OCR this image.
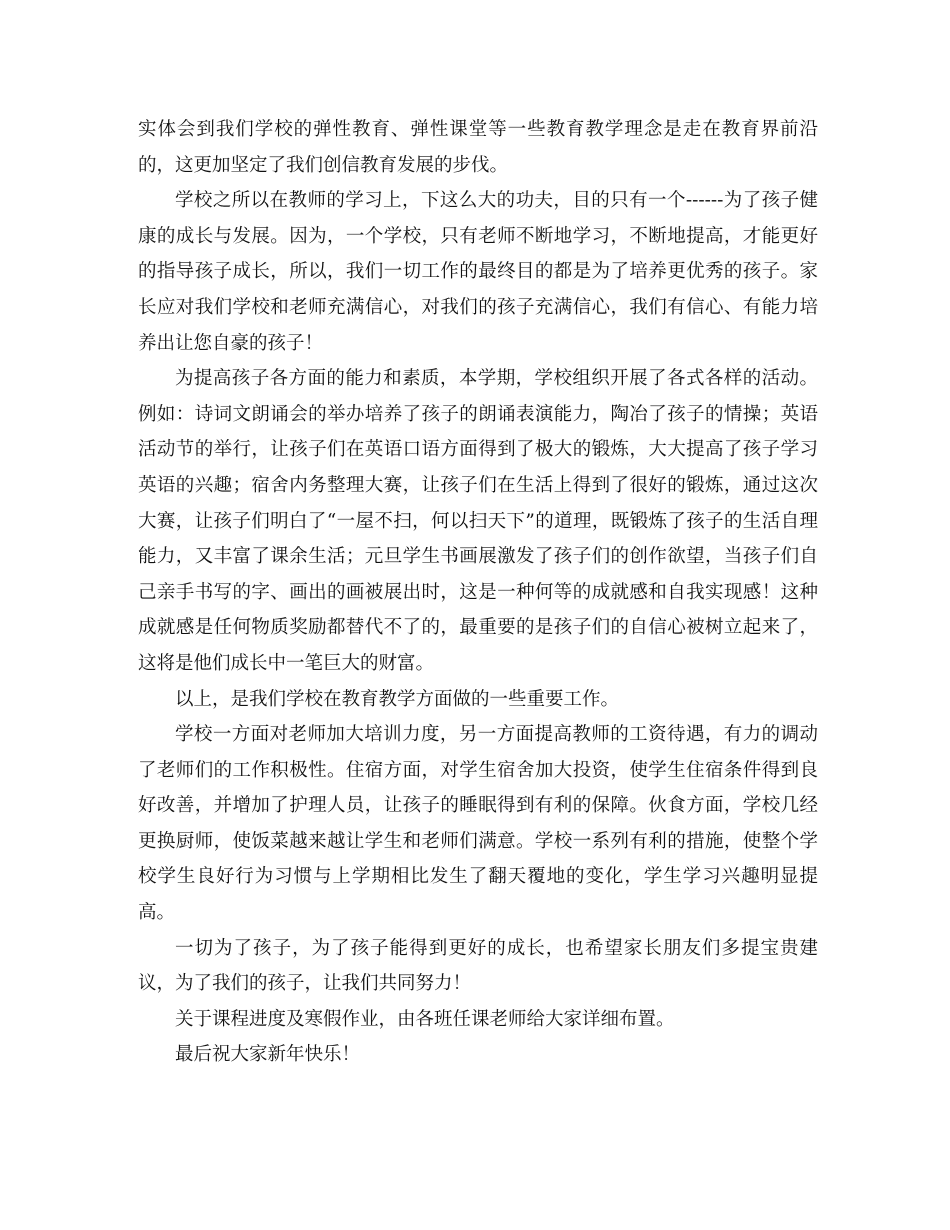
实体会到我们学校的弹性教育、弹性课堂等一些教育教学理念是走在教育界前沿的，这更加坚定了我们创信教育发展的步伐。

学校之所以在教师的学习上，下这么大的功夫，目的只有一个------为了孩子健康的成长与发展。因为，一个学校，只有老师不断地学习，不断地提高，才能更好的指导孩子成长，所以，我们一切工作的最终目的都是为了培养更优秀的孩子。家长应对我们学校和老师充满信心，对我们的孩子充满信心，我们有信心、有能力培养出让您自豪的孩子！

为提高孩子各方面的能力和素质，本学期，学校组织开展了各式各样的活动。例如：诗词文朗诵会的举办培养了孩子的朗诵表演能力，陶冶了孩子的情操；英语活动节的举行，让孩子们在英语口语方面得到了极大的锻炼，大大提高了孩子学习英语的兴趣；宿舍内务整理大赛，让孩子们在生活上得到了很好的锻炼，通过这次大赛，让孩子们明白了“一屋不扫，何以扫天下”的道理，既锻炼了孩子的生活自理能力，又丰富了课余生活；元旦学生书画展激发了孩子们的创作欲望，当孩子们自己亲手书写的字、画出的画被展出时，这是一种何等的成就感和自我实现感！这种成就感是任何物质奖励都替代不了的，最重要的是孩子们的自信心被树立起来了，这将是他们成长中一笔巨大的财富。

以上，是我们学校在教育教学方面做的一些重要工作。

学校一方面对老师加大培训力度，另一方面提高教师的工资待遇，有力的调动了老师们的工作积极性。住宿方面，对学生宿舍加大投资，使学生住宿条件得到良好改善，并增加了护理人员，让孩子的睡眠得到有利的保障。伙食方面，学校几经更换厨师，使饭菜越来越让学生和老师们满意。学校一系列有利的措施，使整个学校学生良好行为习惯与上学期相比发生了翻天覆地的变化，学生学习兴趣明显提高。

一切为了孩子，为了孩子能得到更好的成长，也希望家长朋友们多提宝贵建议，为了我们的孩子，让我们共同努力！

关于课程进度及寒假作业，由各班任课老师给大家详细布置。

最后祝大家新年快乐！
